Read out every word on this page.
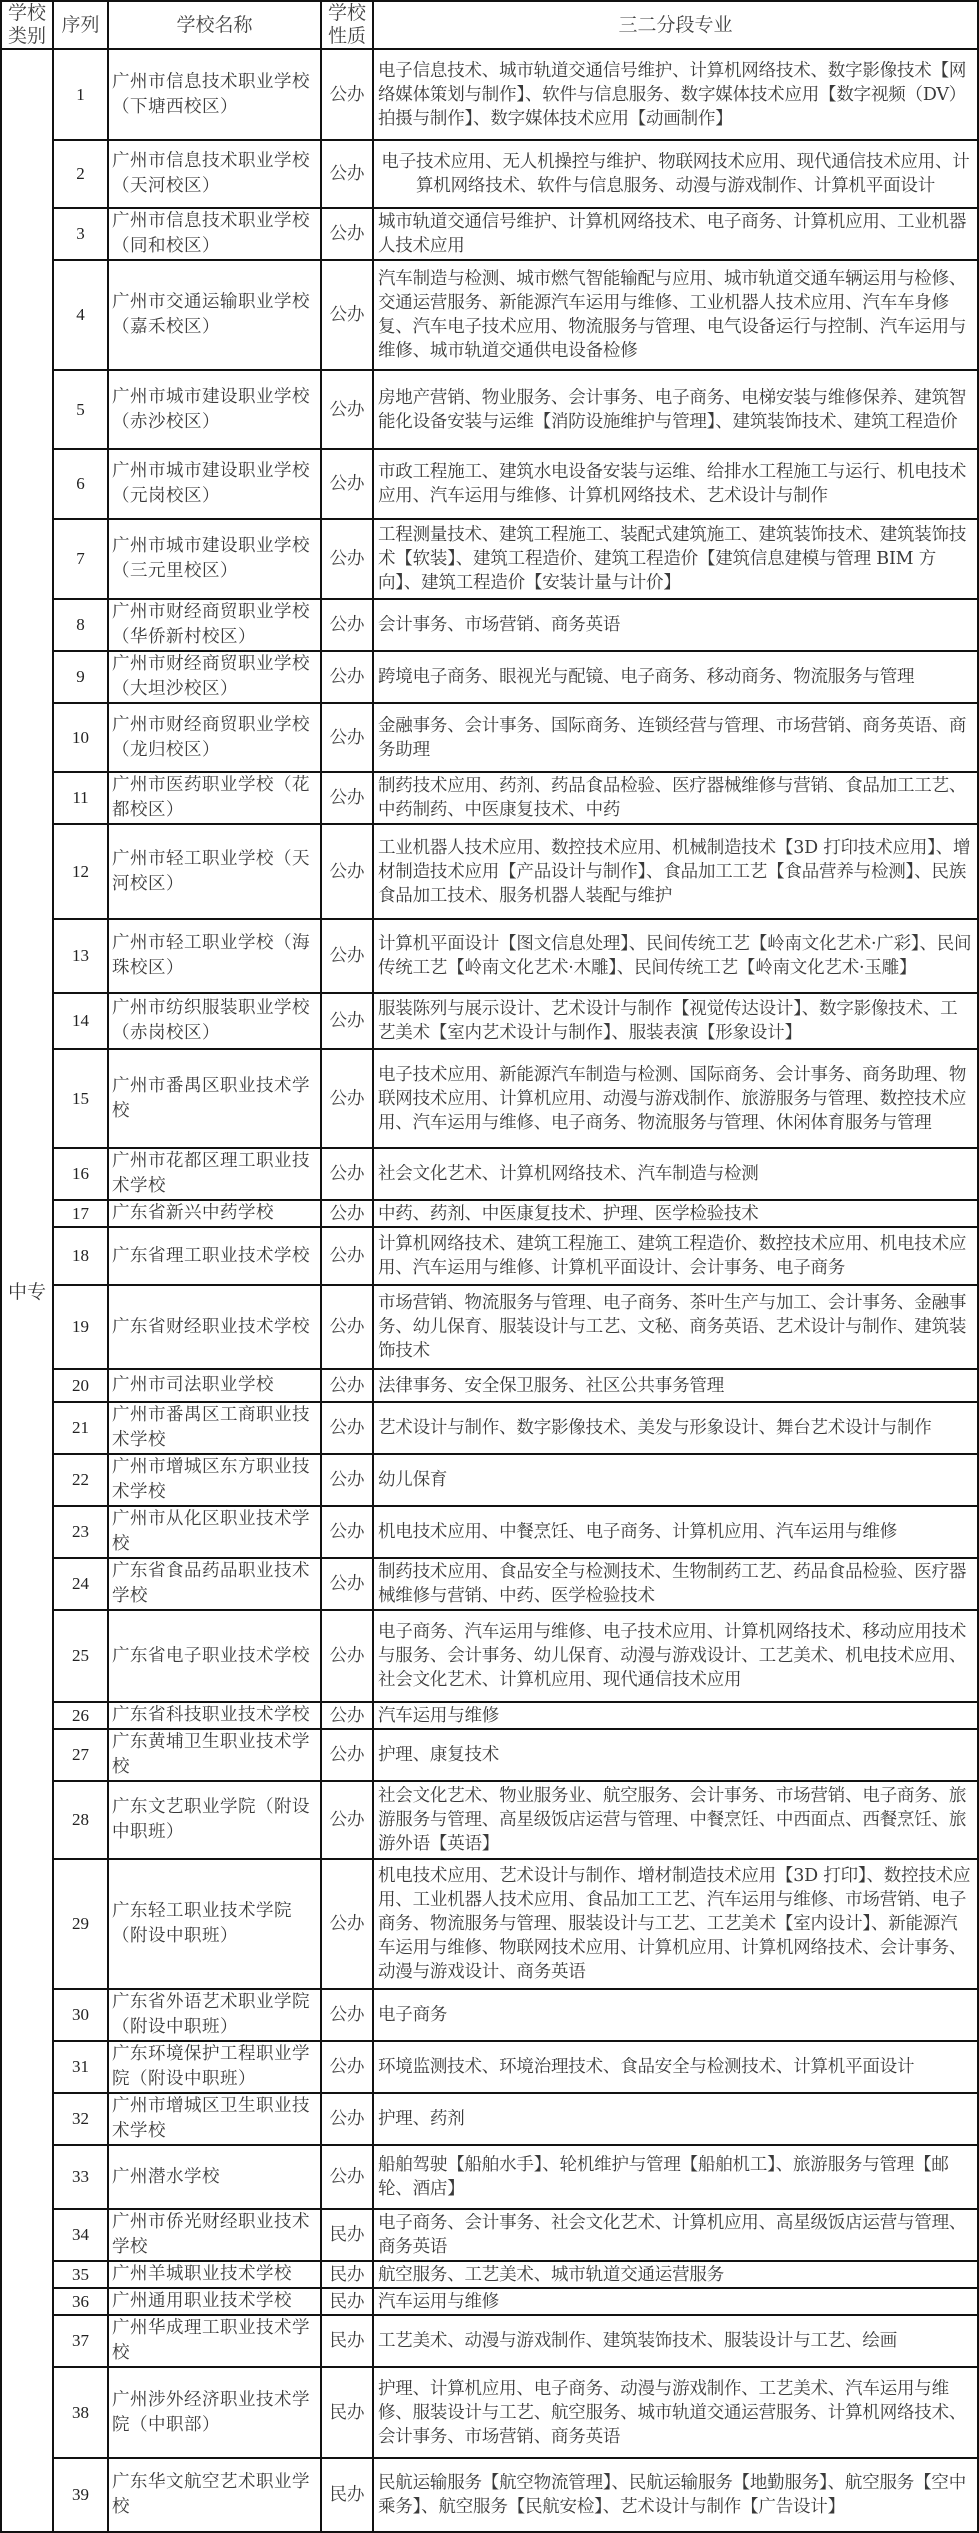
学校类别	序列	学校名称	学校性质	三二分段专业
中专	1	广州市信息技术职业学校（下塘西校区）	公办	电子信息技术、城市轨道交通信号维护、计算机网络技术、数字影像技术【网络媒体策划与制作】、软件与信息服务、数字媒体技术应用【数字视频（DV）拍摄与制作】、数字媒体技术应用【动画制作】
	2	广州市信息技术职业学校（天河校区）	公办	电子技术应用、无人机操控与维护、物联网技术应用、现代通信技术应用、计算机网络技术、软件与信息服务、动漫与游戏制作、计算机平面设计
	3	广州市信息技术职业学校（同和校区）	公办	城市轨道交通信号维护、计算机网络技术、电子商务、计算机应用、工业机器人技术应用
	4	广州市交通运输职业学校（嘉禾校区）	公办	汽车制造与检测、城市燃气智能输配与应用、城市轨道交通车辆运用与检修、交通运营服务、新能源汽车运用与维修、工业机器人技术应用、汽车车身修复、汽车电子技术应用、物流服务与管理、电气设备运行与控制、汽车运用与维修、城市轨道交通供电设备检修
	5	广州市城市建设职业学校（赤沙校区）	公办	房地产营销、物业服务、会计事务、电子商务、电梯安装与维修保养、建筑智能化设备安装与运维【消防设施维护与管理】、建筑装饰技术、建筑工程造价
	6	广州市城市建设职业学校（元岗校区）	公办	市政工程施工、建筑水电设备安装与运维、给排水工程施工与运行、机电技术应用、汽车运用与维修、计算机网络技术、艺术设计与制作
	7	广州市城市建设职业学校（三元里校区）	公办	工程测量技术、建筑工程施工、装配式建筑施工、建筑装饰技术、建筑装饰技术【软装】、建筑工程造价、建筑工程造价【建筑信息建模与管理 BIM 方向】、建筑工程造价【安装计量与计价】
	8	广州市财经商贸职业学校（华侨新村校区）	公办	会计事务、市场营销、商务英语
	9	广州市财经商贸职业学校（大坦沙校区）	公办	跨境电子商务、眼视光与配镜、电子商务、移动商务、物流服务与管理
	10	广州市财经商贸职业学校（龙归校区）	公办	金融事务、会计事务、国际商务、连锁经营与管理、市场营销、商务英语、商务助理
	11	广州市医药职业学校（花都校区）	公办	制药技术应用、药剂、药品食品检验、医疗器械维修与营销、食品加工工艺、中药制药、中医康复技术、中药
	12	广州市轻工职业学校（天河校区）	公办	工业机器人技术应用、数控技术应用、机械制造技术【3D 打印技术应用】、增材制造技术应用【产品设计与制作】、食品加工工艺【食品营养与检测】、民族食品加工技术、服务机器人装配与维护
	13	广州市轻工职业学校（海珠校区）	公办	计算机平面设计【图文信息处理】、民间传统工艺【岭南文化艺术·广彩】、民间传统工艺【岭南文化艺术·木雕】、民间传统工艺【岭南文化艺术·玉雕】
	14	广州市纺织服装职业学校（赤岗校区）	公办	服装陈列与展示设计、艺术设计与制作【视觉传达设计】、数字影像技术、工艺美术【室内艺术设计与制作】、服装表演【形象设计】
	15	广州市番禺区职业技术学校	公办	电子技术应用、新能源汽车制造与检测、国际商务、会计事务、商务助理、物联网技术应用、计算机应用、动漫与游戏制作、旅游服务与管理、数控技术应用、汽车运用与维修、电子商务、物流服务与管理、休闲体育服务与管理
	16	广州市花都区理工职业技术学校	公办	社会文化艺术、计算机网络技术、汽车制造与检测
	17	广东省新兴中药学校	公办	中药、药剂、中医康复技术、护理、医学检验技术
	18	广东省理工职业技术学校	公办	计算机网络技术、建筑工程施工、建筑工程造价、数控技术应用、机电技术应用、汽车运用与维修、计算机平面设计、会计事务、电子商务
	19	广东省财经职业技术学校	公办	市场营销、物流服务与管理、电子商务、茶叶生产与加工、会计事务、金融事务、幼儿保育、服装设计与工艺、文秘、商务英语、艺术设计与制作、建筑装饰技术
	20	广州市司法职业学校	公办	法律事务、安全保卫服务、社区公共事务管理
	21	广州市番禺区工商职业技术学校	公办	艺术设计与制作、数字影像技术、美发与形象设计、舞台艺术设计与制作
	22	广州市增城区东方职业技术学校	公办	幼儿保育
	23	广州市从化区职业技术学校	公办	机电技术应用、中餐烹饪、电子商务、计算机应用、汽车运用与维修
	24	广东省食品药品职业技术学校	公办	制药技术应用、食品安全与检测技术、生物制药工艺、药品食品检验、医疗器械维修与营销、中药、医学检验技术
	25	广东省电子职业技术学校	公办	电子商务、汽车运用与维修、电子技术应用、计算机网络技术、移动应用技术与服务、会计事务、幼儿保育、动漫与游戏设计、工艺美术、机电技术应用、社会文化艺术、计算机应用、现代通信技术应用
	26	广东省科技职业技术学校	公办	汽车运用与维修
	27	广东黄埔卫生职业技术学校	公办	护理、康复技术
	28	广东文艺职业学院（附设中职班）	公办	社会文化艺术、物业服务业、航空服务、会计事务、市场营销、电子商务、旅游服务与管理、高星级饭店运营与管理、中餐烹饪、中西面点、西餐烹饪、旅游外语【英语】
	29	广东轻工职业技术学院（附设中职班）	公办	机电技术应用、艺术设计与制作、增材制造技术应用【3D 打印】、数控技术应用、工业机器人技术应用、食品加工工艺、汽车运用与维修、市场营销、电子商务、物流服务与管理、服装设计与工艺、工艺美术【室内设计】、新能源汽车运用与维修、物联网技术应用、计算机应用、计算机网络技术、会计事务、动漫与游戏设计、商务英语
	30	广东省外语艺术职业学院（附设中职班）	公办	电子商务
	31	广东环境保护工程职业学院（附设中职班）	公办	环境监测技术、环境治理技术、食品安全与检测技术、计算机平面设计
	32	广州市增城区卫生职业技术学校	公办	护理、药剂
	33	广州潜水学校	公办	船舶驾驶【船舶水手】、轮机维护与管理【船舶机工】、旅游服务与管理【邮轮、酒店】
	34	广州市侨光财经职业技术学校	民办	电子商务、会计事务、社会文化艺术、计算机应用、高星级饭店运营与管理、商务英语
	35	广州羊城职业技术学校	民办	航空服务、工艺美术、城市轨道交通运营服务
	36	广州通用职业技术学校	民办	汽车运用与维修
	37	广州华成理工职业技术学校	民办	工艺美术、动漫与游戏制作、建筑装饰技术、服装设计与工艺、绘画
	38	广州涉外经济职业技术学院（中职部）	民办	护理、计算机应用、电子商务、动漫与游戏制作、工艺美术、汽车运用与维修、服装设计与工艺、航空服务、城市轨道交通运营服务、计算机网络技术、会计事务、市场营销、商务英语
	39	广东华文航空艺术职业学校	民办	民航运输服务【航空物流管理】、民航运输服务【地勤服务】、航空服务【空中乘务】、航空服务【民航安检】、艺术设计与制作【广告设计】
